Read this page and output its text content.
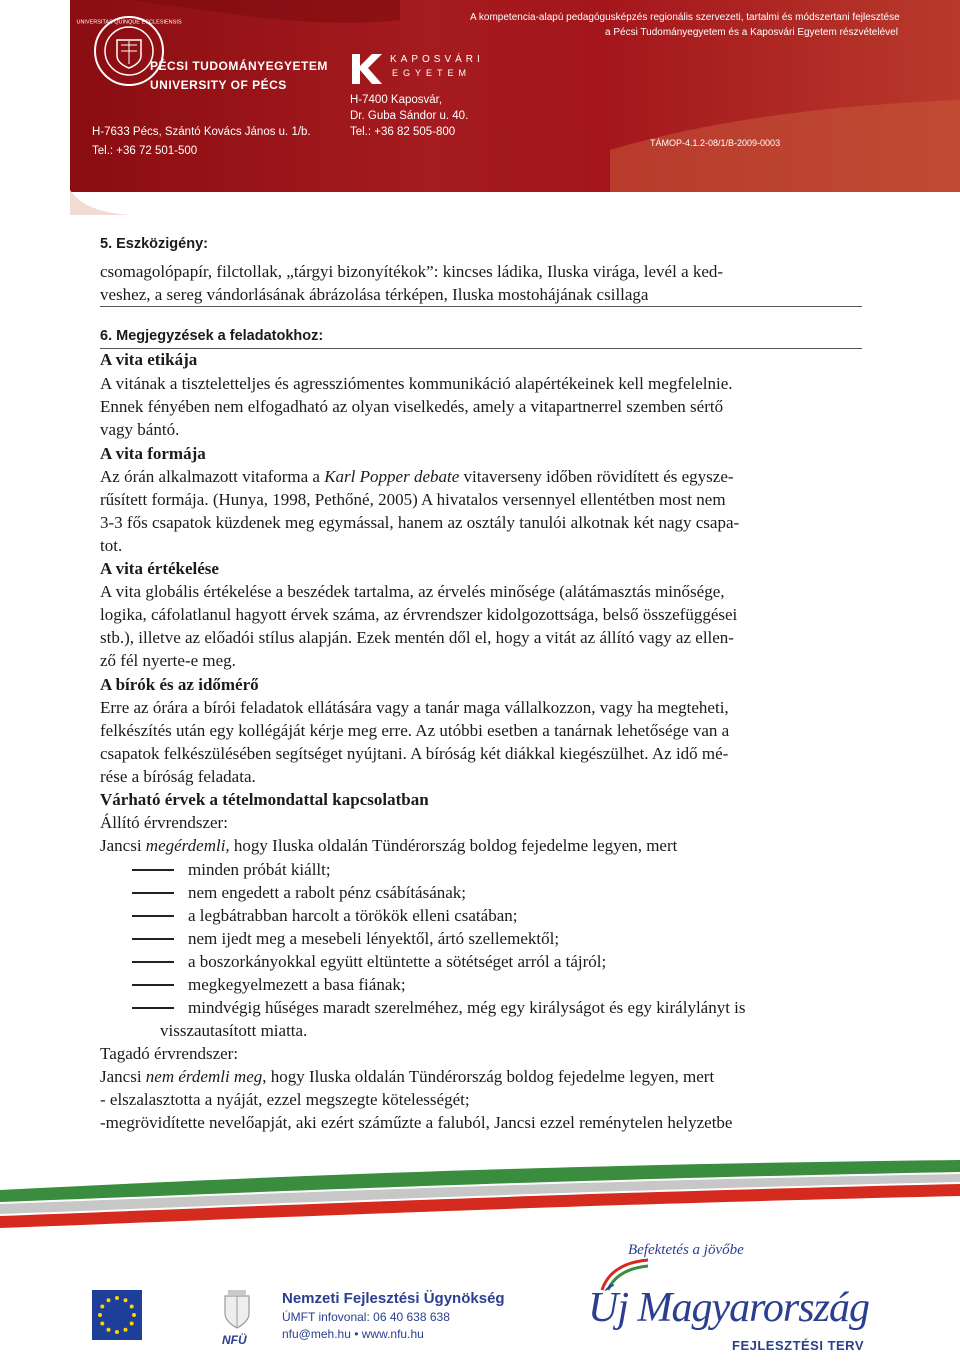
UNIVERSITAS QUINQUE ECCLESIENSIS
PÉCSI TUDOMÁNYEGYETEM
UNIVERSITY OF PÉCS
H-7633 Pécs, Szántó Kovács János u. 1/b.
Tel.: +36 72 501-500
KAPOSVÁRI
EGYETEM
H-7400 Kaposvár,
Dr. Guba Sándor u. 40.
Tel.: +36 82 505-800
A kompetencia-alapú pedagógusképzés regionális szervezeti, tartalmi és módszertani fejlesztése
a Pécsi Tudományegyetem és a Kaposvári Egyetem részvételével
TÁMOP-4.1.2-08/1/B-2009-0003
5. Eszközigény:
csomagolópapír, filctollak, „tárgyi bizonyítékok”: kincses ládika, Iluska virága, levél a ked-
veshez, a sereg vándorlásának ábrázolása térképen, Iluska mostohájának csillaga
6. Megjegyzések a feladatokhoz:
A vita etikája
A vitának a tiszteletteljes és agressziómentes kommunikáció alapértékeinek kell megfelelnie.
Ennek fényében nem elfogadható az olyan viselkedés, amely a vitapartnerrel szemben sértő
vagy bántó.
A vita formája
Az órán alkalmazott vitaforma a Karl Popper debate vitaverseny időben rövidített és egysze-
rűsített formája. (Hunya, 1998, Pethőné, 2005) A hivatalos versennyel ellentétben most nem
3-3 fős csapatok küzdenek meg egymással, hanem az osztály tanulói alkotnak két nagy csapa-
tot.
A vita értékelése
A vita globális értékelése a beszédek tartalma, az érvelés minősége (alátámasztás minősége,
logika, cáfolatlanul hagyott érvek száma, az érvrendszer kidolgozottsága, belső összefüggései
stb.), illetve az előadói stílus alapján. Ezek mentén dől el, hogy a vitát az állító vagy az ellen-
ző fél nyerte-e meg.
A bírók és az időmérő
Erre az órára a bírói feladatok ellátására vagy a tanár maga vállalkozzon, vagy ha megteheti,
felkészítés után egy kollégáját kérje meg erre. Az utóbbi esetben a tanárnak lehetősége van a
csapatok felkészülésében segítséget nyújtani. A bíróság két diákkal kiegészülhet. Az idő mé-
rése a bíróság feladata.
Várható érvek a tételmondattal kapcsolatban
Állító érvrendszer:
Jancsi megérdemli, hogy Iluska oldalán Tündérország boldog fejedelme legyen, mert
minden próbát kiállt;
nem engedett a rabolt pénz csábításának;
a legbátrabban harcolt a törökök elleni csatában;
nem ijedt meg a mesebeli lényektől, ártó szellemektől;
a boszorkányokkal együtt eltüntette a sötétséget arról a tájról;
megkegyelmezett a basa fiának;
mindvégig hűséges maradt szerelméhez, még egy királyságot és egy királylányt is
visszautasított miatta.
Tagadó érvrendszer:
Jancsi nem érdemli meg, hogy Iluska oldalán Tündérország boldog fejedelme legyen, mert
- elszalasztotta a nyáját, ezzel megszegte kötelességét;
-megrövidítette nevelőapját, aki ezért száműzte a faluból, Jancsi ezzel reménytelen helyzetbe
NFÜ
Nemzeti Fejlesztési Ügynökség
ÚMFT infovonal: 06 40 638 638
nfu@meh.hu • www.nfu.hu
Befektetés a jövőbe
Új Magyarország
FEJLESZTÉSI TERV
